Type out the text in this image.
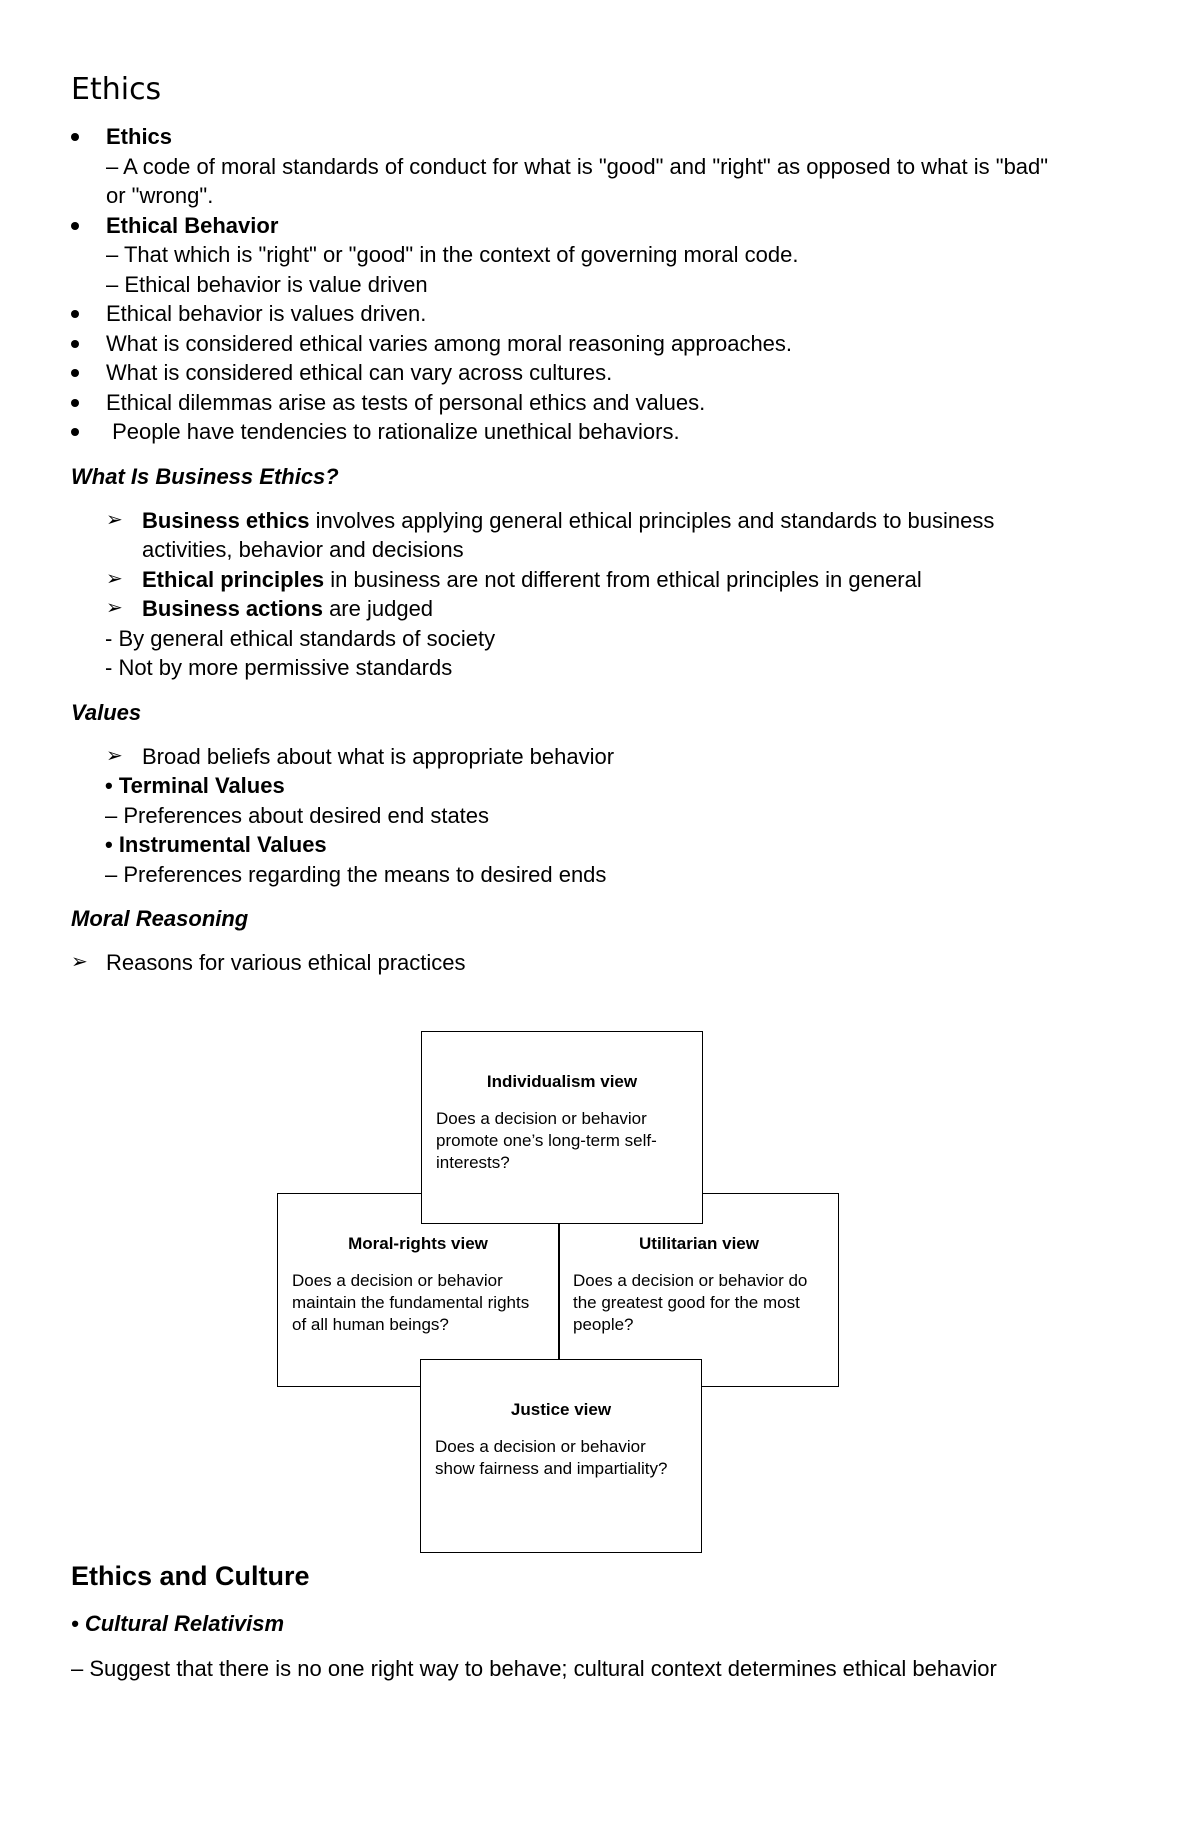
Ethics
Ethics
– A code of moral standards of conduct for what is "good" and "right" as opposed to what is "bad"
or "wrong".
Ethical Behavior
– That which is "right" or "good" in the context of governing moral code.
– Ethical behavior is value driven
Ethical behavior is values driven.
What is considered ethical varies among moral reasoning approaches.
What is considered ethical can vary across cultures.
Ethical dilemmas arise as tests of personal ethics and values.
People have tendencies to rationalize unethical behaviors.
What Is Business Ethics?
➢ Business ethics involves applying general ethical principles and standards to business
activities, behavior and decisions
➢ Ethical principles in business are not different from ethical principles in general
➢ Business actions are judged
- By general ethical standards of society
- Not by more permissive standards
Values
➢ Broad beliefs about what is appropriate behavior
• Terminal Values
– Preferences about desired end states
• Instrumental Values
– Preferences regarding the means to desired ends
Moral Reasoning
➢ Reasons for various ethical practices
Moral-rights view
Does a decision or behavior maintain the fundamental rights of all human beings?
Utilitarian view
Does a decision or behavior do the greatest good for the most people?
Individualism view
Does a decision or behavior promote one’s long-term self-interests?
Justice view
Does a decision or behavior show fairness and impartiality?
Ethics and Culture
• Cultural Relativism
– Suggest that there is no one right way to behave; cultural context determines ethical behavior
